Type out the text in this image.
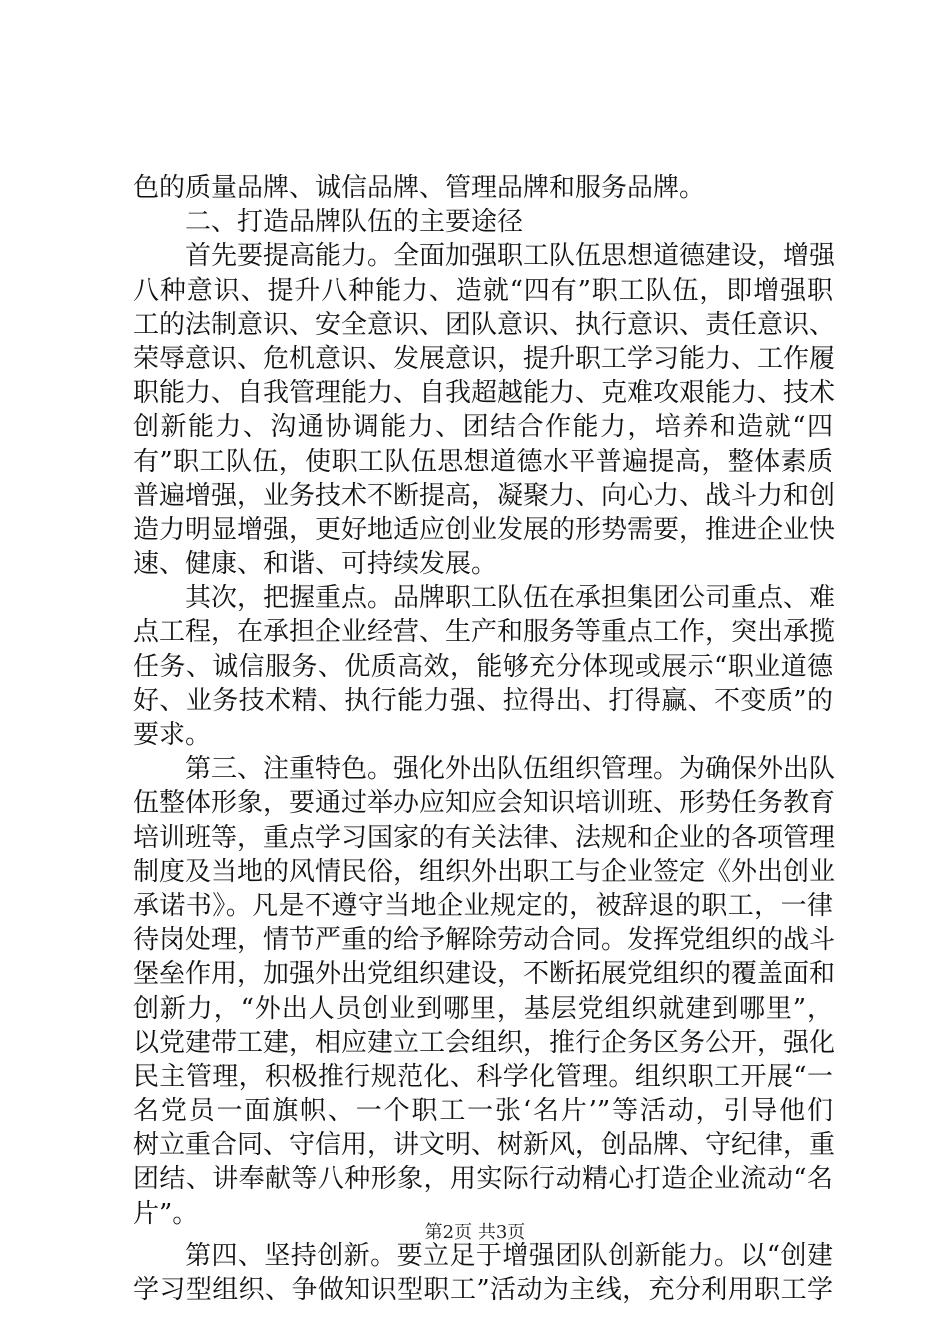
色的质量品牌、诚信品牌、管理品牌和服务品牌。
二、打造品牌队伍的主要途径
首先要提高能力。全面加强职工队伍思想道德建设，增强
八种意识、提升八种能力、造就“四有”职工队伍，即增强职
工的法制意识、安全意识、团队意识、执行意识、责任意识、
荣辱意识、危机意识、发展意识，提升职工学习能力、工作履
职能力、自我管理能力、自我超越能力、克难攻艰能力、技术
创新能力、沟通协调能力、团结合作能力，培养和造就“四
有”职工队伍，使职工队伍思想道德水平普遍提高，整体素质
普遍增强，业务技术不断提高，凝聚力、向心力、战斗力和创
造力明显增强，更好地适应创业发展的形势需要，推进企业快
速、健康、和谐、可持续发展。
其次，把握重点。品牌职工队伍在承担集团公司重点、难
点工程，在承担企业经营、生产和服务等重点工作，突出承揽
任务、诚信服务、优质高效，能够充分体现或展示“职业道德
好、业务技术精、执行能力强、拉得出、打得赢、不变质”的
要求。
第三、注重特色。强化外出队伍组织管理。为确保外出队
伍整体形象，要通过举办应知应会知识培训班、形势任务教育
培训班等，重点学习国家的有关法律、法规和企业的各项管理
制度及当地的风情民俗，组织外出职工与企业签定《外出创业
承诺书》。凡是不遵守当地企业规定的，被辞退的职工，一律
待岗处理，情节严重的给予解除劳动合同。发挥党组织的战斗
堡垒作用，加强外出党组织建设，不断拓展党组织的覆盖面和
创新力，“外出人员创业到哪里，基层党组织就建到哪里”，
以党建带工建，相应建立工会组织，推行企务区务公开，强化
民主管理，积极推行规范化、科学化管理。组织职工开展“一
名党员一面旗帜、一个职工一张‘名片’”等活动，引导他们
树立重合同、守信用，讲文明、树新风，创品牌、守纪律，重
团结、讲奉献等八种形象，用实际行动精心打造企业流动“名
片”。
第四、坚持创新。要立足于增强团队创新能力。以“创建
学习型组织、争做知识型职工”活动为主线，充分利用职工学
第2页 共3页
